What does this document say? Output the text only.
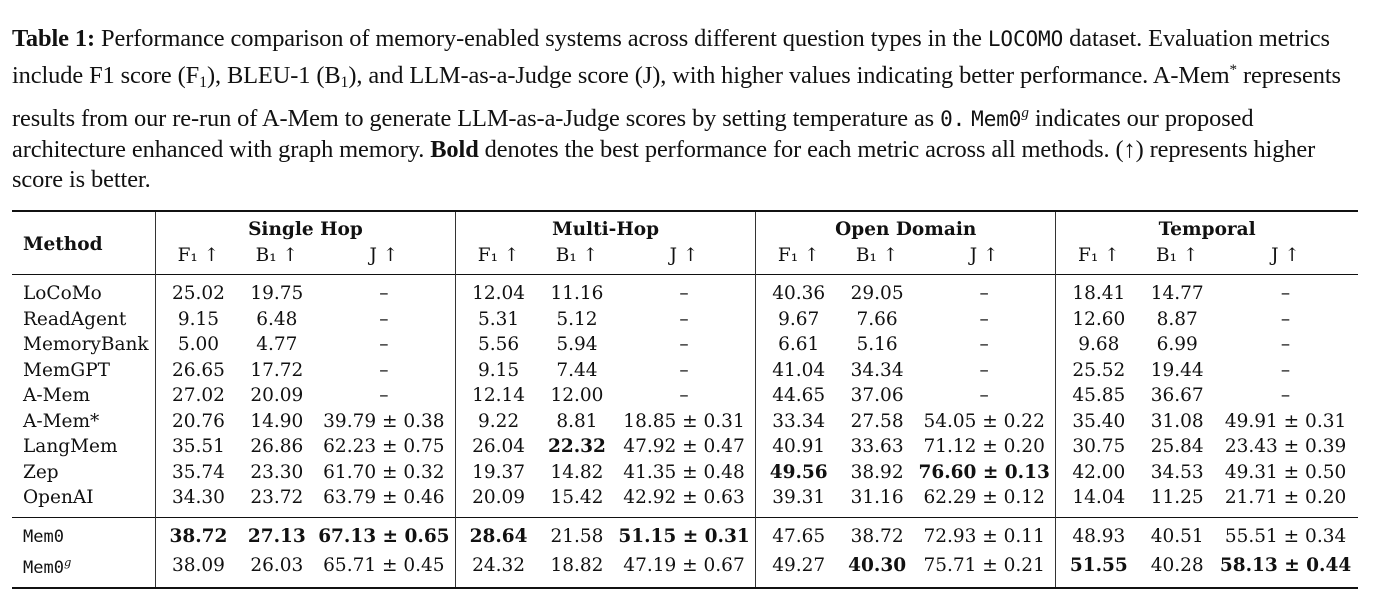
Table 1: Performance comparison of memory-enabled systems across different question types in the LOCOMO dataset. Evaluation metrics include F1 score $(F_1)$, BLEU-1 $(B_1)$, and LLM-as-a-Judge score (J), with higher values indicating better performance. A-Mem* represents results from our re-run of A-Mem to generate LLM-as-a-Judge scores by setting temperature as 0. Mem0$^g$ indicates our proposed architecture enhanced with graph memory. Bold denotes the best performance for each metric across all methods. (↑) represents higher score is better.

Method	Single Hop			Multi-Hop			Open Domain			Temporal		
	F₁ ↑	B₁ ↑	J ↑	F₁ ↑	B₁ ↑	J ↑	F₁ ↑	B₁ ↑	J ↑	F₁ ↑	B₁ ↑	J ↑

LoCoMo	25.02	19.75	–	12.04	11.16	–	40.36	29.05	–	18.41	14.77	–
ReadAgent	9.15	6.48	–	5.31	5.12	–	9.67	7.66	–	12.60	8.87	–
MemoryBank	5.00	4.77	–	5.56	5.94	–	6.61	5.16	–	9.68	6.99	–
MemGPT	26.65	17.72	–	9.15	7.44	–	41.04	34.34	–	25.52	19.44	–
A-Mem	27.02	20.09	–	12.14	12.00	–	44.65	37.06	–	45.85	36.67	–
A-Mem*	20.76	14.90	39.79 ± 0.38	9.22	8.81	18.85 ± 0.31	33.34	27.58	54.05 ± 0.22	35.40	31.08	49.91 ± 0.31
LangMem	35.51	26.86	62.23 ± 0.75	26.04	22.32	47.92 ± 0.47	40.91	33.63	71.12 ± 0.20	30.75	25.84	23.43 ± 0.39
Zep	35.74	23.30	61.70 ± 0.32	19.37	14.82	41.35 ± 0.48	49.56	38.92	76.60 ± 0.13	42.00	34.53	49.31 ± 0.50
OpenAI	34.30	23.72	63.79 ± 0.46	20.09	15.42	42.92 ± 0.63	39.31	31.16	62.29 ± 0.12	14.04	11.25	21.71 ± 0.20

Mem0	38.72	27.13	67.13 ± 0.65	28.64	21.58	51.15 ± 0.31	47.65	38.72	72.93 ± 0.11	48.93	40.51	55.51 ± 0.34
Mem0$^g$	38.09	26.03	65.71 ± 0.45	24.32	18.82	47.19 ± 0.67	49.27	40.30	75.71 ± 0.21	51.55	40.28	58.13 ± 0.44
